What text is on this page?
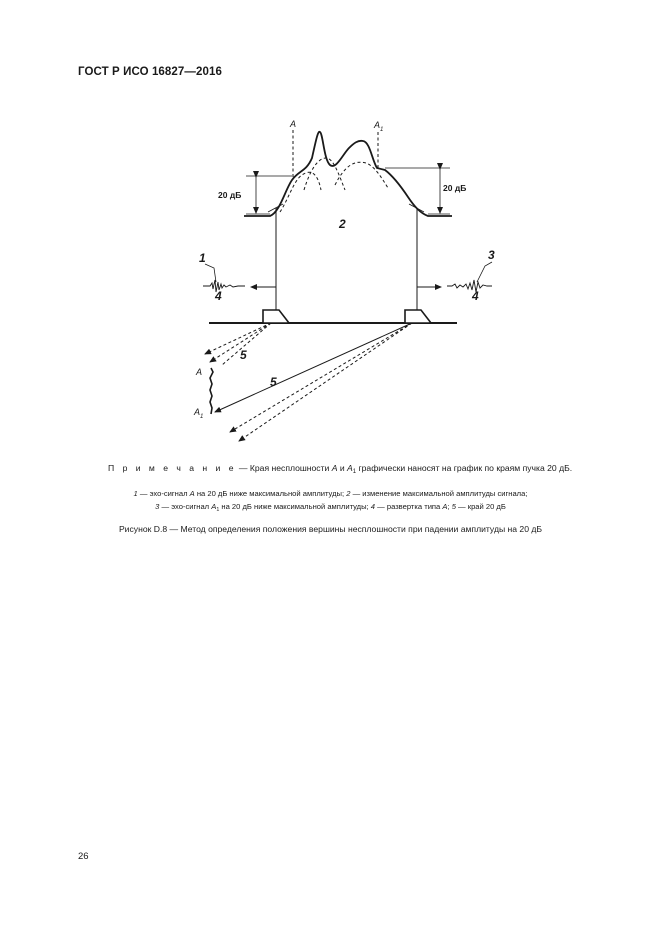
ГОСТ Р ИСО 16827—2016
A	$A_1$
20 дБ
20 дБ
2
1	3
4	4
5
5
A
$A_1$
П р и м е ч а н и е — Края несплошности A и $A_1$ графически наносят на график по краям пучка 20 дБ.
1 — эхо-сигнал A на 20 дБ ниже максимальной амплитуды; 2 — изменение максимальной амплитуды сигнала;
3 — эхо-сигнал $A_1$ на 20 дБ ниже максимальной амплитуды; 4 — развертка типа A; 5 — край 20 дБ
Рисунок D.8 — Метод определения положения вершины несплошности при падении амплитуды на 20 дБ
26
